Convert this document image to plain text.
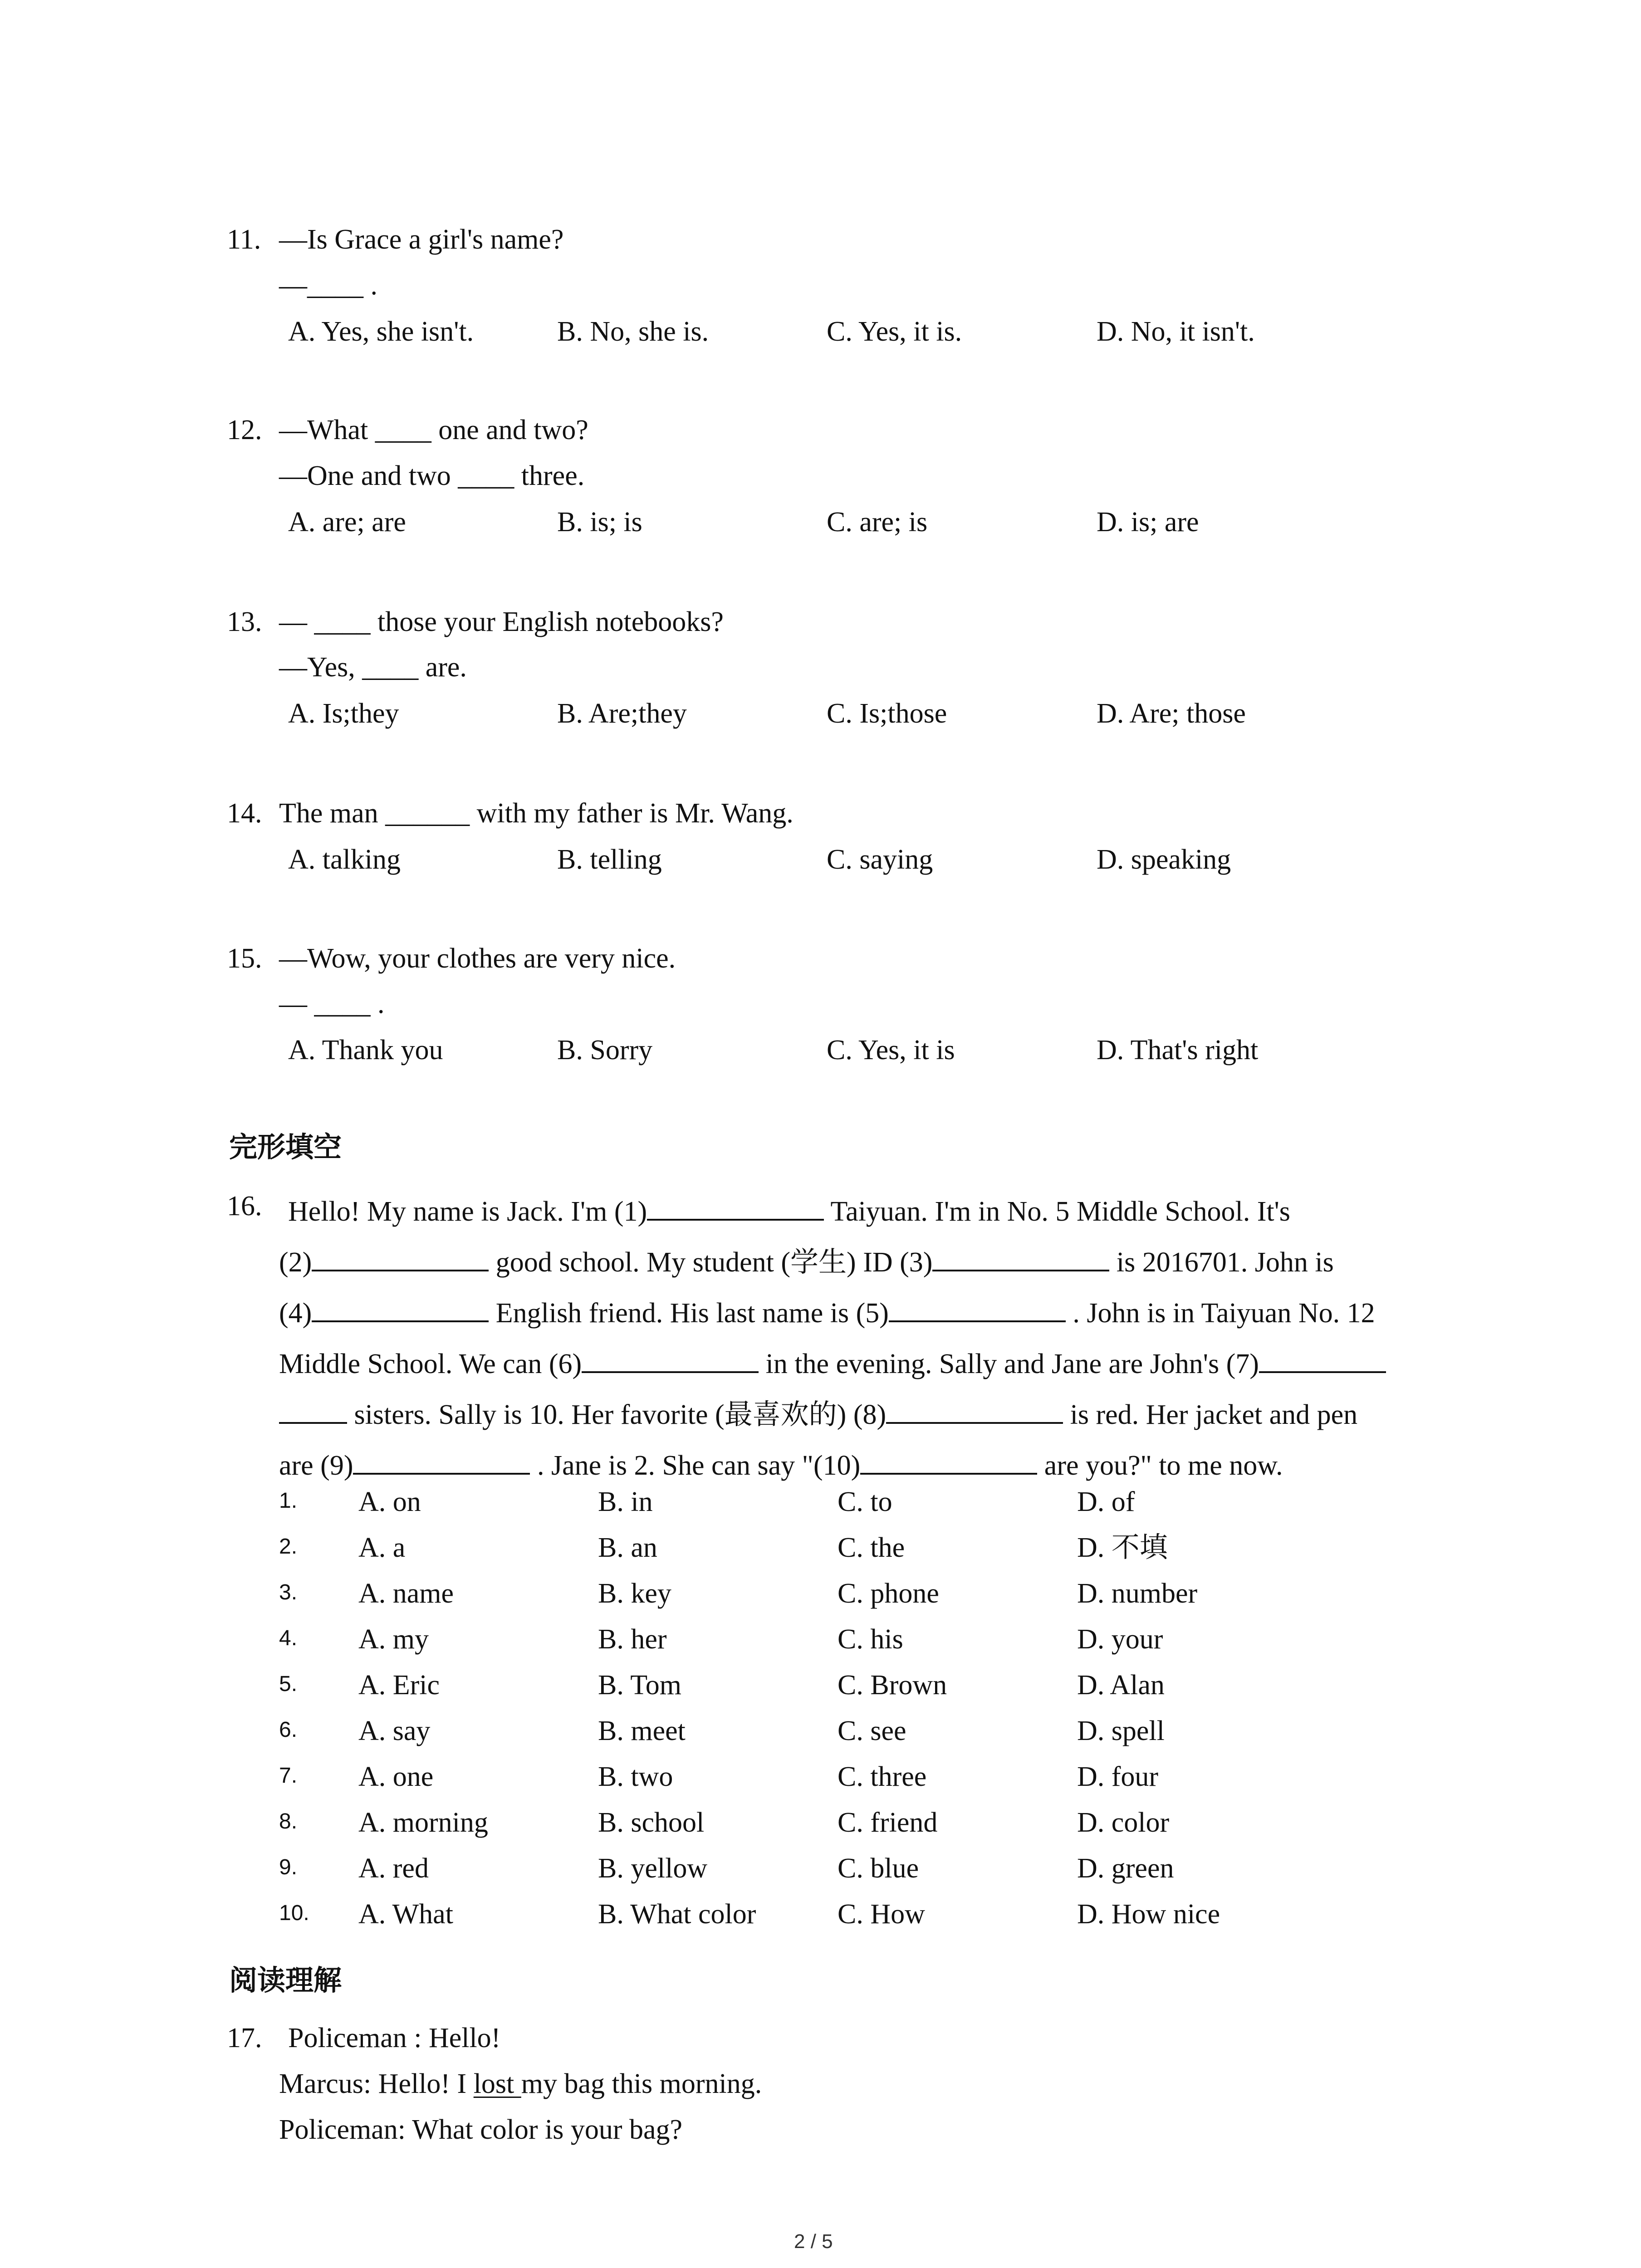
11. —Is Grace a girl's name?
—____ .
A. Yes, she isn't.	B. No, she is.	C. Yes, it is.	D. No, it isn't.
12. —What ____ one and two?
—One and two ____ three.
A. are; are	B. is; is	C. are; is	D. is; are
13. — ____ those your English notebooks?
—Yes, ____ are.
A. Is;they	B. Are;they	C. Is;those	D. Are; those
14. The man ______ with my father is Mr. Wang.
A. talking	B. telling	C. saying	D. speaking
15. —Wow, your clothes are very nice.
— ____ .
A. Thank you	B. Sorry	C. Yes, it is	D. That's right
完形填空
16. Hello! My name is Jack. I'm (1)	Taiyuan. I'm in No. 5 Middle School. It's

(2)	good school. My student (学生) ID (3)	is 2016701. John is

(4)	English friend. His last name is (5)	. John is in Taiyuan No. 12

Middle School. We can (6)	in the evening. Sally and Jane are John's (7)

sisters. Sally is 10. Her favorite (最喜欢的) (8)	is red. Her jacket and pen

are (9)	. Jane is 2. She can say "(10)	are you?" to me now.

1. A. on	B. in	C. to	D. of
2. A. a	B. an	C. the	D. 不填
3. A. name	B. key	C. phone	D. number
4. A. my	B. her	C. his	D. your
5. A. Eric	B. Tom	C. Brown	D. Alan
6. A. say	B. meet	C. see	D. spell
7. A. one	B. two	C. three	D. four
8. A. morning	B. school	C. friend	D. color
9. A. red	B. yellow	C. blue	D. green
10. A. What	B. What color	C. How	D. How nice
阅读理解
17. Policeman : Hello!
Marcus: Hello! I lost my bag this morning.
Policeman: What color is your bag?
2 / 5
